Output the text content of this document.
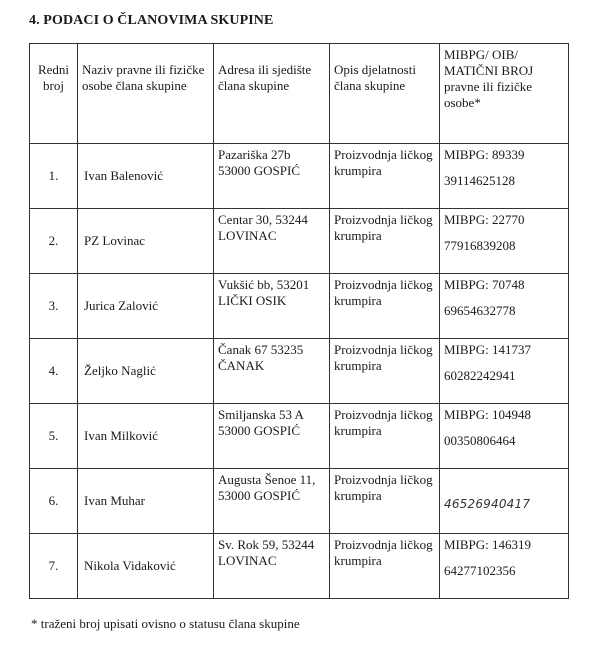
4. PODACI O ČLANOVIMA SKUPINE
Redni broj	Naziv pravne ili fizičke osobe člana skupine	Adresa ili sjedište člana skupine	Opis djelatnosti člana skupine	MIBPG/ OIB/ MATIČNI BROJ pravne ili fizičke osobe*
1.	Ivan Balenović	Pazariška 27b 53000 GOSPIĆ	Proizvodnja ličkog krumpira	MIBPG: 89339
39114625128

2.	PZ Lovinac	Centar 30, 53244 LOVINAC	Proizvodnja ličkog krumpira	MIBPG: 22770
77916839208

3.	Jurica Zalović	Vukšić bb, 53201 LIČKI OSIK	Proizvodnja ličkog krumpira	MIBPG: 70748
69654632778

4.	Željko Naglić	Čanak 67 53235 ČANAK	Proizvodnja ličkog krumpira	MIBPG: 141737
60282242941

5.	Ivan Milković	Smiljanska 53 A 53000 GOSPIĆ	Proizvodnja ličkog krumpira	MIBPG: 104948
00350806464

6.	Ivan Muhar	Augusta Šenoe 11, 53000 GOSPIĆ	Proizvodnja ličkog krumpira	46526940417

7.	Nikola Vidaković	Sv. Rok 59, 53244 LOVINAC	Proizvodnja ličkog krumpira	MIBPG: 146319
64277102356
* traženi broj upisati ovisno o statusu člana skupine
